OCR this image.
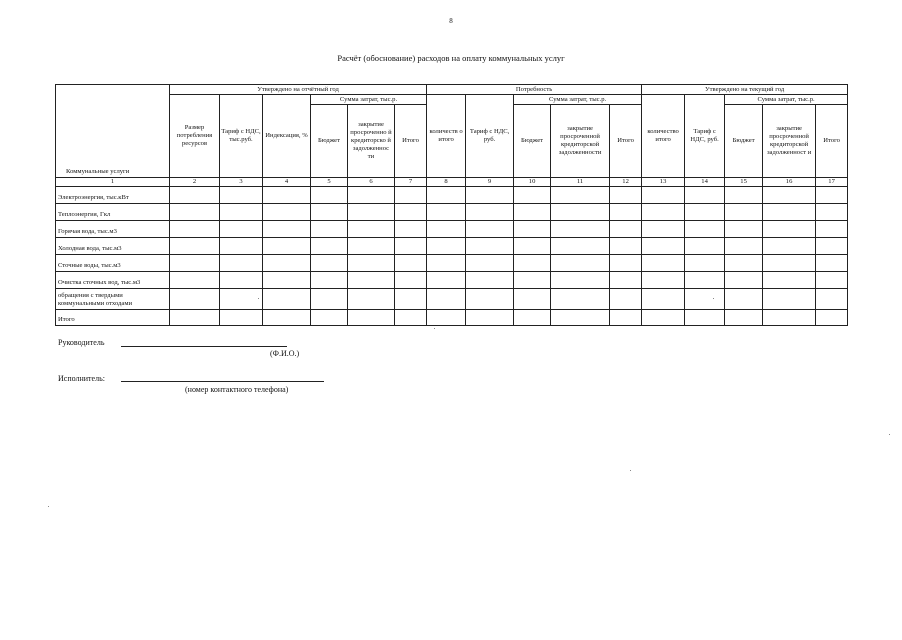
8
Расчёт (обоснование) расходов на оплату коммунальных услуг
Коммунальные услуги	Утверждено на отчётный год						Потребность					Утверждено на текущий год				
	Размер потребления ресурсов	Тариф с НДС, тыс.руб.	Индексация, %	Сумма затрат, тыс.р.			количеств о итого	Тариф с НДС, руб.	Сумма затрат, тыс.р.			количество итого	Тариф с НДС, руб.	Сумма затрат, тыс.р.		
				Бюджет	закрытие просроченно й кредиторско й задолженнос ти	Итого			Бюджет	закрытие просроченной кредиторской задолженности	Итого			Бюджет	закрытие просроченной кредиторской задолженност и	Итого
1	2	3	4	5	6	7	8	9	10	11	12	13	14	15	16	17
Электроэнергия, тыс.кВт																
Теплоэнергия, Гкл																
Горячая вода, тыс.м3																
Холодная вода, тыс.м3																
Сточные воды, тыс.м3																
Очистка сточных вод, тыс.м3																
обращения с твердыми коммунальными отходами																
Итого																
Руководитель
(Ф.И.О.)
Исполнитель:
(номер контактного телефона)
